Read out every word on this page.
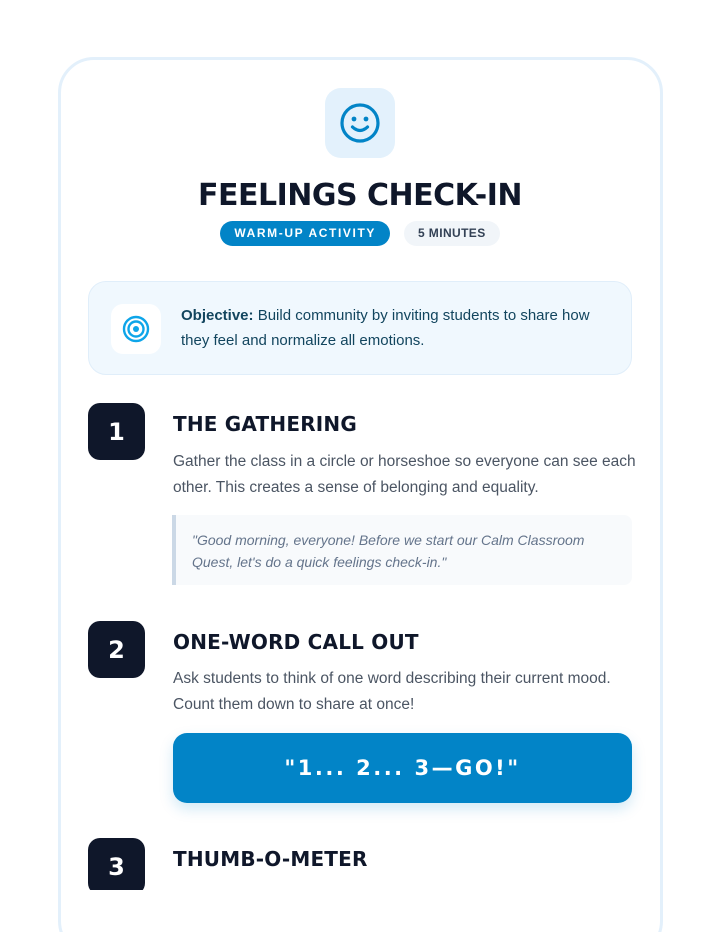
FEELINGS CHECK-IN
WARM-UP ACTIVITY	5 MINUTES

Objective: Build community by inviting students to share how they feel and normalize all emotions.

1	THE GATHERING

Gather the class in a circle or horseshoe so everyone can see each other. This creates a sense of belonging and equality.

"Good morning, everyone! Before we start our Calm Classroom Quest, let's do a quick feelings check-in."
2	ONE-WORD CALL OUT

Ask students to think of one word describing their current mood. Count them down to share at once!

"1... 2... 3—GO!"
3	THUMB-O-METER
